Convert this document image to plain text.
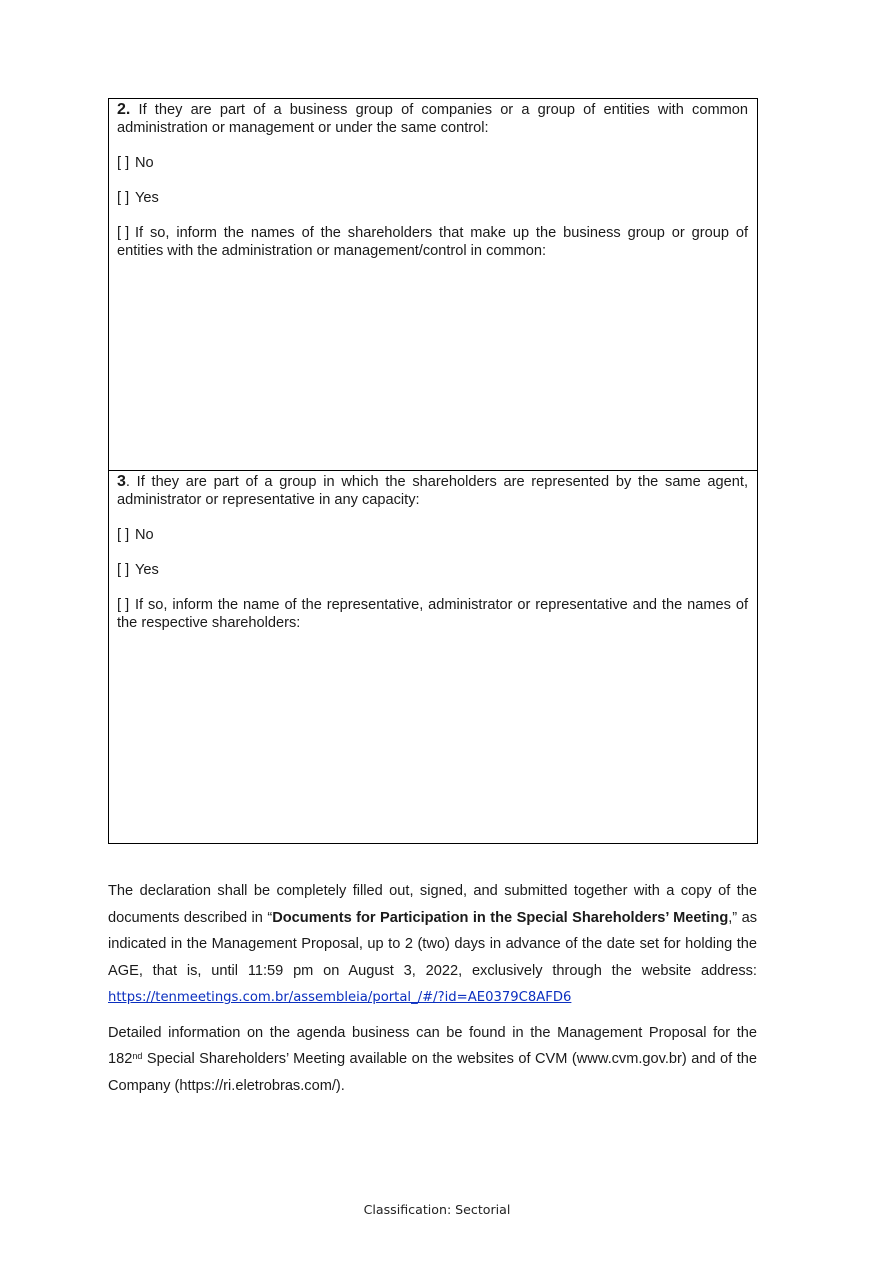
2. If they are part of a business group of companies or a group of entities with common administration or management or under the same control:

[ ] No

[ ] Yes

[ ] If so, inform the names of the shareholders that make up the business group or group of entities with the administration or management/control in common:

3. If they are part of a group in which the shareholders are represented by the same agent, administrator or representative in any capacity:

[ ] No

[ ] Yes

[ ] If so, inform the name of the representative, administrator or representative and the names of the respective shareholders:

The declaration shall be completely filled out, signed, and submitted together with a copy of the documents described in “Documents for Participation in the Special Shareholders’ Meeting,” as indicated in the Management Proposal, up to 2 (two) days in advance of the date set for holding the AGE, that is, until 11:59 pm on August 3, 2022, exclusively through the website address: https://tenmeetings.com.br/assembleia/portal_/#/?id=AE0379C8AFD6

Detailed information on the agenda business can be found in the Management Proposal for the 182nd Special Shareholders’ Meeting available on the websites of CVM (www.cvm.gov.br) and of the Company (https://ri.eletrobras.com/).

Classification: Sectorial
